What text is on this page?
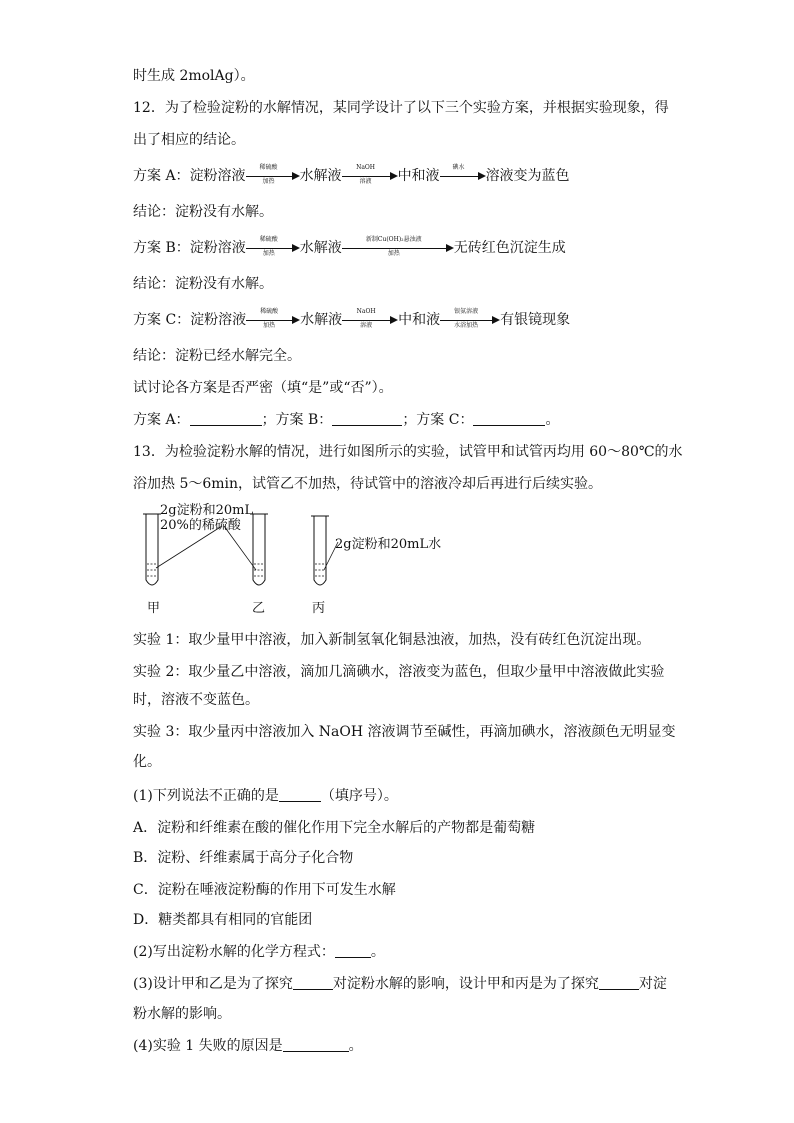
时生成 2molAg）。
12．为了检验淀粉的水解情况，某同学设计了以下三个实验方案，并根据实验现象，得
出了相应的结论。
方案 A：淀粉溶液
稀硫酸
加热	水解液
NaOH
溶液	中和液
碘水
溶液变为蓝色
结论：淀粉没有水解。
方案 B：淀粉溶液
稀硫酸
加热	水解液
新制Cu(OH)₂悬浊液
加热	无砖红色沉淀生成
结论：淀粉没有水解。
方案 C：淀粉溶液
稀硫酸
加热	水解液
NaOH
溶液	中和液
银氨溶液
水浴加热	有银镜现象
结论：淀粉已经水解完全。
试讨论各方案是否严密（填“是”或“否”）。
方案 A：	；方案 B：	；方案 C：	。
13．为检验淀粉水解的情况，进行如图所示的实验，试管甲和试管丙均用 60～80℃的水
浴加热 5～6min，试管乙不加热，待试管中的溶液冷却后再进行后续实验。
2g淀粉和20mL
20%的稀硫酸
2g淀粉和20mL水
甲	乙	丙
实验 1：取少量甲中溶液，加入新制氢氧化铜悬浊液，加热，没有砖红色沉淀出现。
实验 2：取少量乙中溶液，滴加几滴碘水，溶液变为蓝色，但取少量甲中溶液做此实验
时，溶液不变蓝色。
实验 3：取少量丙中溶液加入 NaOH 溶液调节至碱性，再滴加碘水，溶液颜色无明显变
化。
(1)下列说法不正确的是	（填序号）。
A．淀粉和纤维素在酸的催化作用下完全水解后的产物都是葡萄糖
B．淀粉、纤维素属于高分子化合物
C．淀粉在唾液淀粉酶的作用下可发生水解
D．糖类都具有相同的官能团
(2)写出淀粉水解的化学方程式：	。
(3)设计甲和乙是为了探究	对淀粉水解的影响，设计甲和丙是为了探究	对淀
粉水解的影响。
(4)实验 1 失败的原因是	。
